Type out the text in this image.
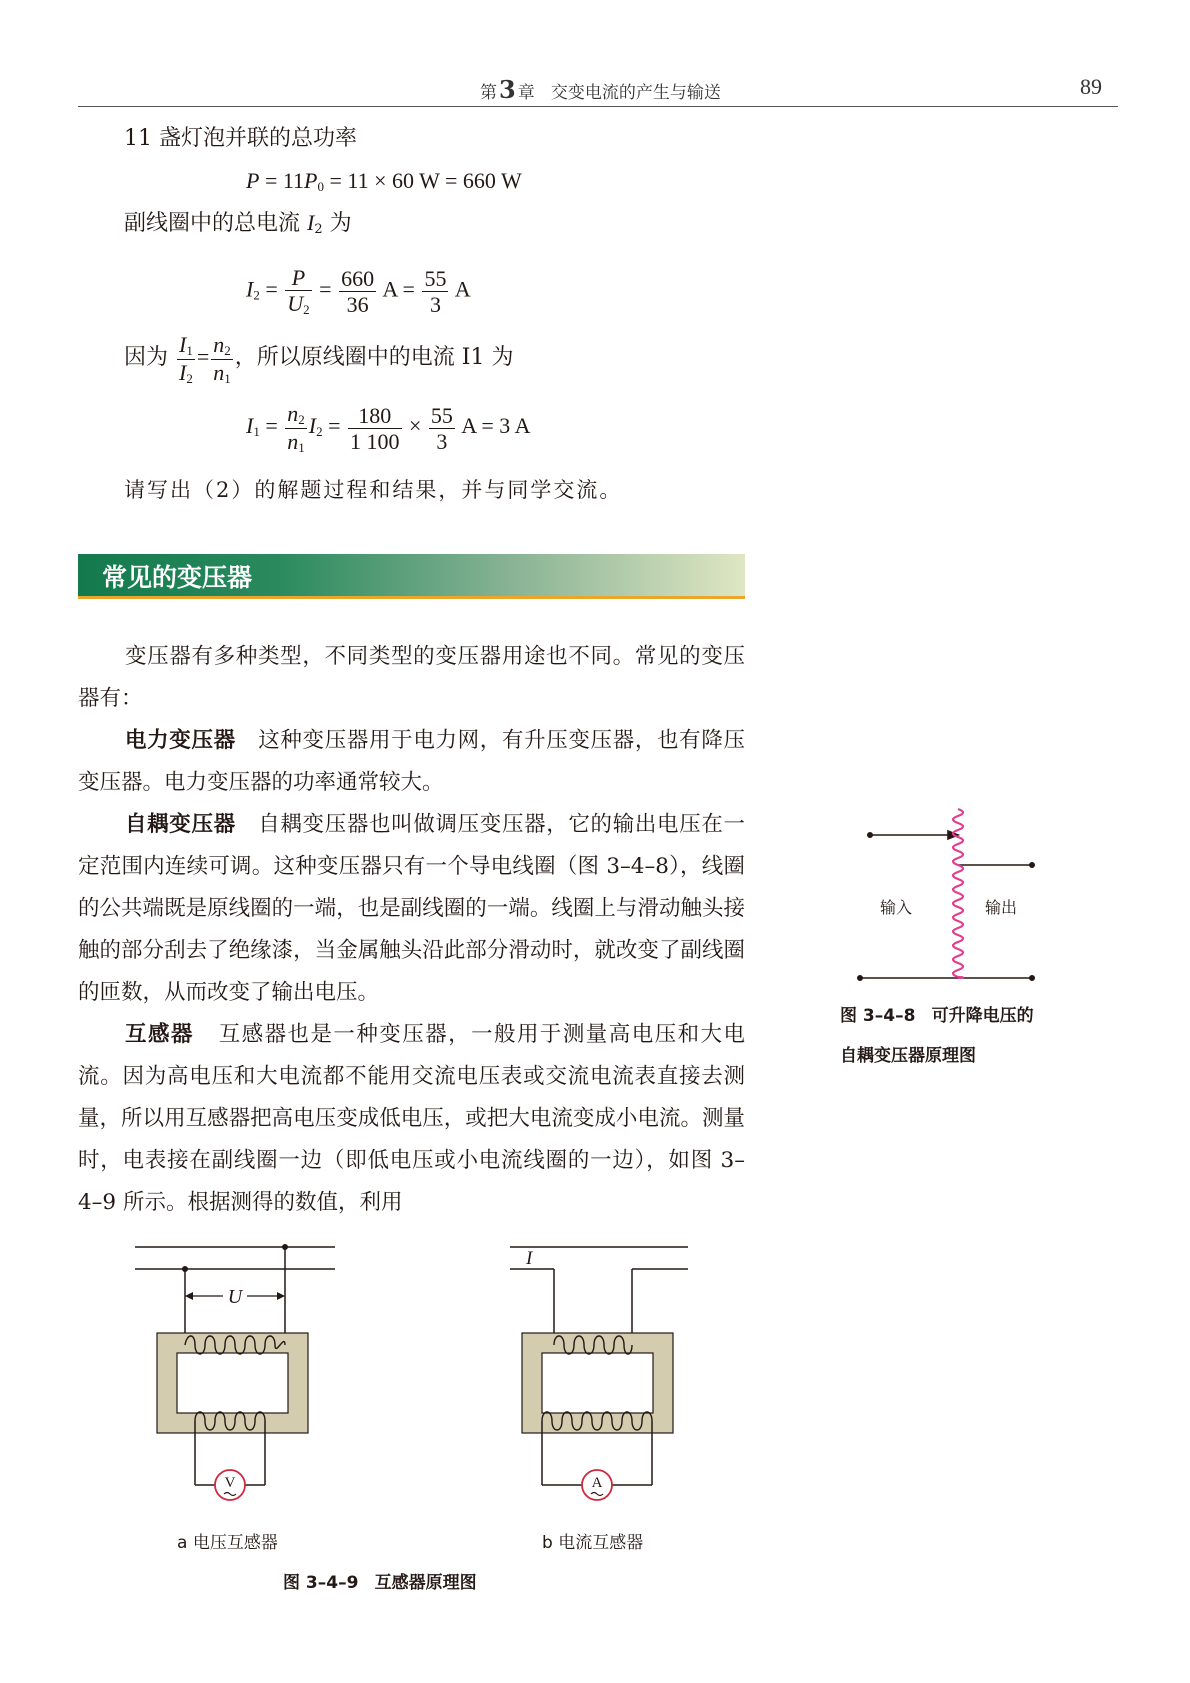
第3 章 交变电流的产生与输送	89
11 盏灯泡并联的总功率
$P = 11P_0 = 11 \times 60$ W = 660 W
副线圈中的总电流 $I_2$ 为
$I_2 = \frac{P}{U_2} = \frac{660}{36}$ $A = \frac{55}{3}$ A
因为 $\frac{I_1}{I_2} = \frac{n_2}{n_1}$ ，所以原线圈中的电流 I1 为
$I_1 = \frac{n_2}{n_1} I_2 = \frac{180}{1 100} \times \frac{55}{3}$ A = 3 A
请写出（2）的解题过程和结果，并与同学交流。
常见的变压器
变压器有多种类型，不同类型的变压器用途也不同。常见的变压器有：
电力变压器 这种变压器用于电力网，有升压变压器，也有降压变压器。电力变压器的功率通常较大。
自耦变压器 自耦变压器也叫做调压变压器，它的输出电压在一定范围内连续可调。这种变压器只有一个导电线圈（图 3–4–8），线圈的公共端既是原线圈的一端，也是副线圈的一端。线圈上与滑动触头接触的部分刮去了绝缘漆，当金属触头沿此部分滑动时，就改变了副线圈的匝数，从而改变了输出电压。
互感器 互感器也是一种变压器，一般用于测量高电压和大电流。因为高电压和大电流都不能用交流电压表或交流电流表直接去测量，所以用互感器把高电压变成低电压，或把大电流变成小电流。测量时，电表接在副线圈一边（即低电压或小电流线圈的一边），如图 3–4–9 所示。根据测得的数值，利用
输入	输出
图 3–4–8 可升降电压的
自耦变压器原理图
U
V
a 电压互感器
I
A
b 电流互感器
图 3–4–9 互感器原理图
